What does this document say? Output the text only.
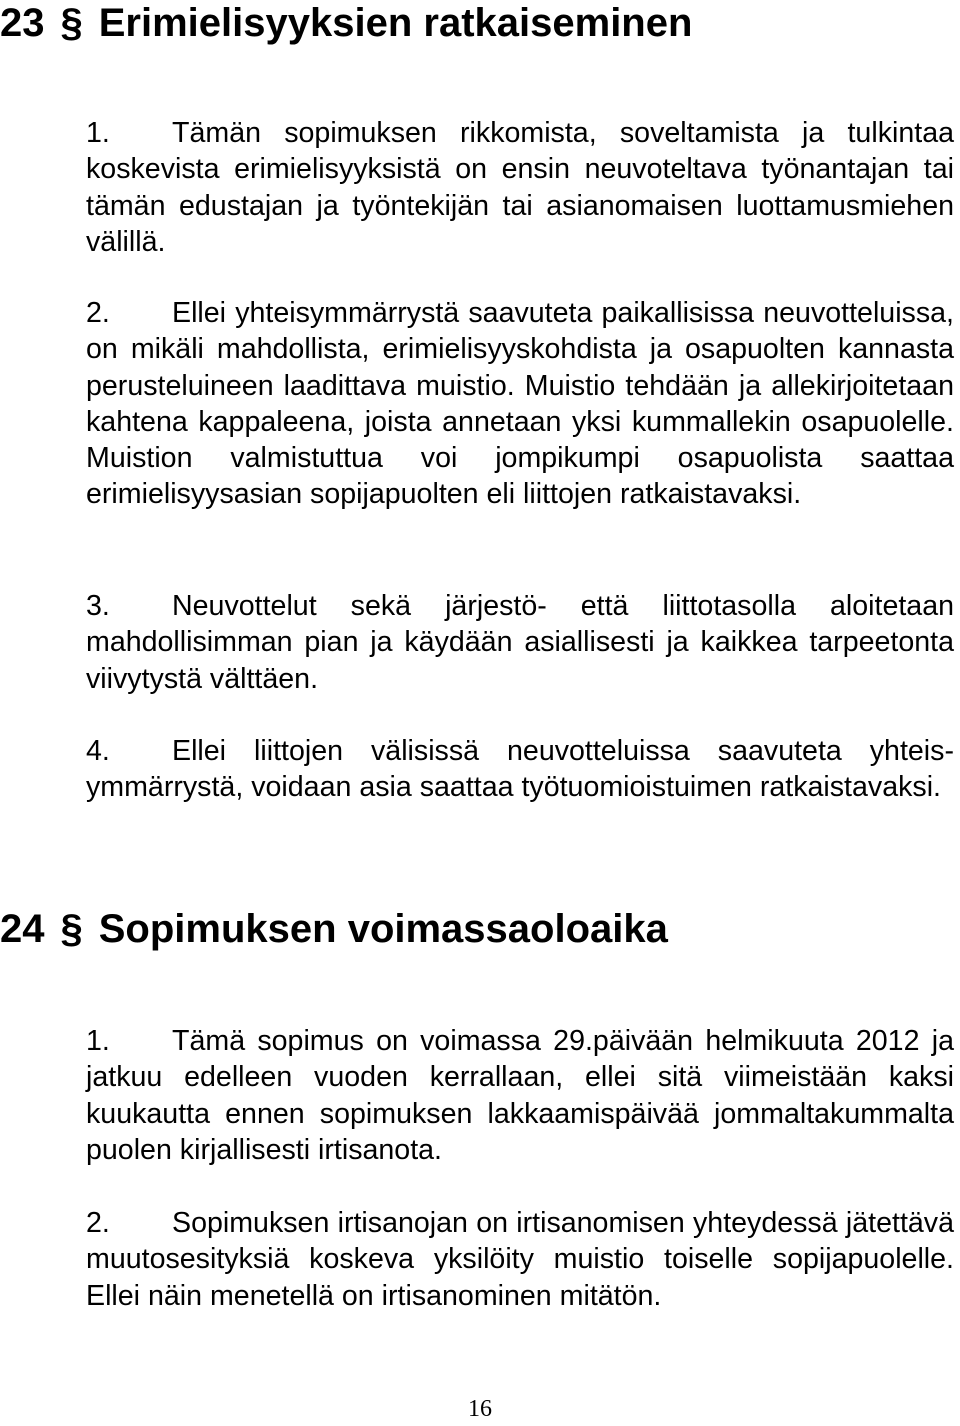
23 § Erimielisyyksien ratkaiseminen

1. Tämän sopimuksen rikkomista, soveltamista ja tulkintaa koskevista erimielisyyksistä on ensin neuvoteltava työnantajan tai tämän edustajan ja työntekijän tai asianomaisen luottamusmiehen välillä.

2. Ellei yhteisymmärrystä saavuteta paikallisissa neuvotteluissa, on mikäli mahdollista, erimielisyyskohdista ja osapuolten kannasta perusteluineen laadittava muistio. Muistio tehdään ja allekirjoitetaan kahtena kappaleena, joista annetaan yksi kummallekin osapuolelle. Muistion valmistuttua voi jompikumpi osapuolista saattaa erimielisyysasian sopijapuolten eli liittojen ratkaistavaksi.

3. Neuvottelut sekä järjestö- että liittotasolla aloitetaan mahdollisimman pian ja käydään asiallisesti ja kaikkea tarpeetonta viivytystä välttäen.

4. Ellei liittojen välisissä neuvotteluissa saavuteta yhteisymmärrystä, voidaan asia saattaa työtuomioistuimen ratkaistavaksi.

24 § Sopimuksen voimassaoloaika

1. Tämä sopimus on voimassa 29.päivään helmikuuta 2012 ja jatkuu edelleen vuoden kerrallaan, ellei sitä viimeistään kaksi kuukautta ennen sopimuksen lakkaamispäivää jommaltakummalta puolen kirjallisesti irtisanota.

2. Sopimuksen irtisanojan on irtisanomisen yhteydessä jätettävä muutosesityksiä koskeva yksilöity muistio toiselle sopijapuolelle. Ellei näin menetellä on irtisanominen mitätön.

16
